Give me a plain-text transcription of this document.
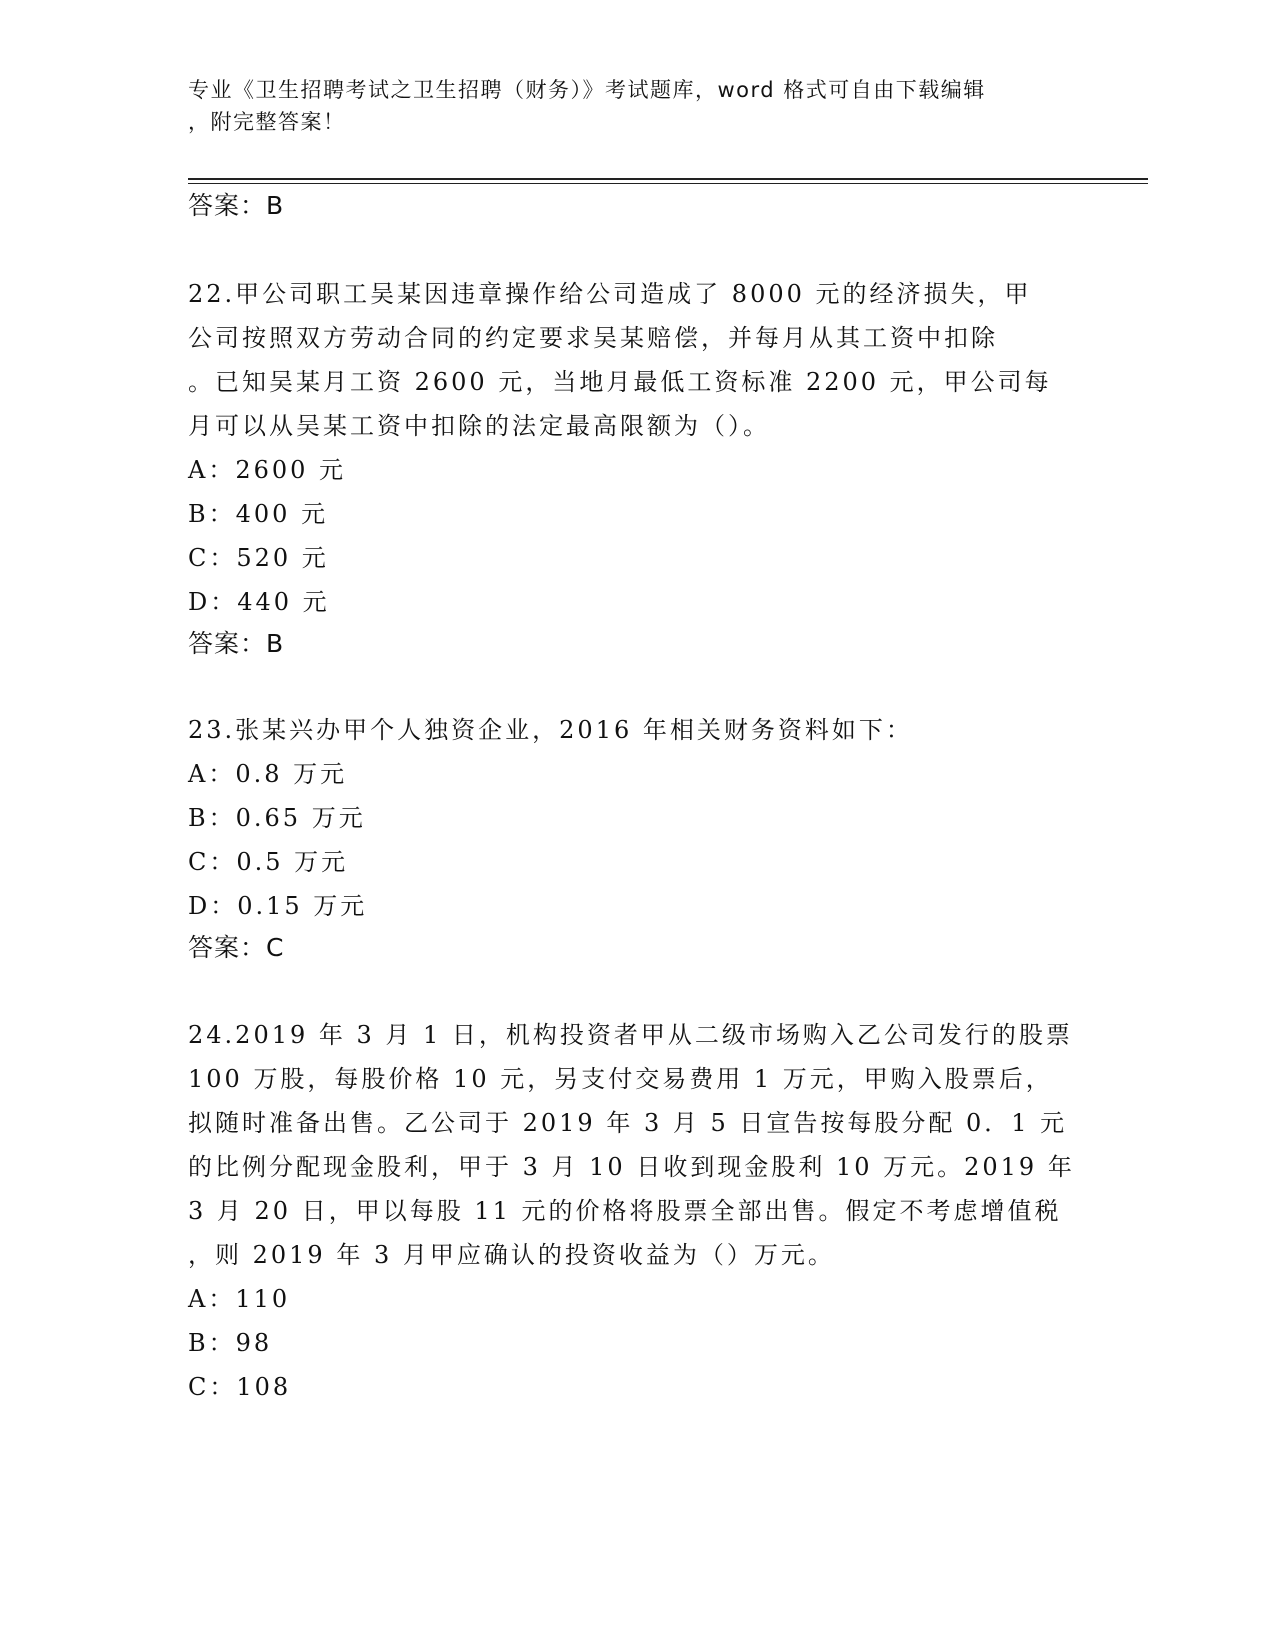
专业《卫生招聘考试之卫生招聘（财务）》考试题库，word 格式可自由下载编辑
，附完整答案！
答案：B
22.甲公司职工吴某因违章操作给公司造成了 8000 元的经济损失，甲
公司按照双方劳动合同的约定要求吴某赔偿，并每月从其工资中扣除
。已知吴某月工资 2600 元，当地月最低工资标准 2200 元，甲公司每
月可以从吴某工资中扣除的法定最高限额为（）。
A：2600 元
B：400 元
C：520 元
D：440 元
答案：B
23.张某兴办甲个人独资企业，2016 年相关财务资料如下：
A：0.8 万元
B：0.65 万元
C：0.5 万元
D：0.15 万元
答案：C
24.2019 年 3 月 1 日，机构投资者甲从二级市场购入乙公司发行的股票
100 万股，每股价格 10 元，另支付交易费用 1 万元，甲购入股票后，
拟随时准备出售。乙公司于 2019 年 3 月 5 日宣告按每股分配 0．1 元
的比例分配现金股利，甲于 3 月 10 日收到现金股利 10 万元。2019 年
3 月 20 日，甲以每股 11 元的价格将股票全部出售。假定不考虑增值税
，则 2019 年 3 月甲应确认的投资收益为（）万元。
A：110
B：98
C：108
